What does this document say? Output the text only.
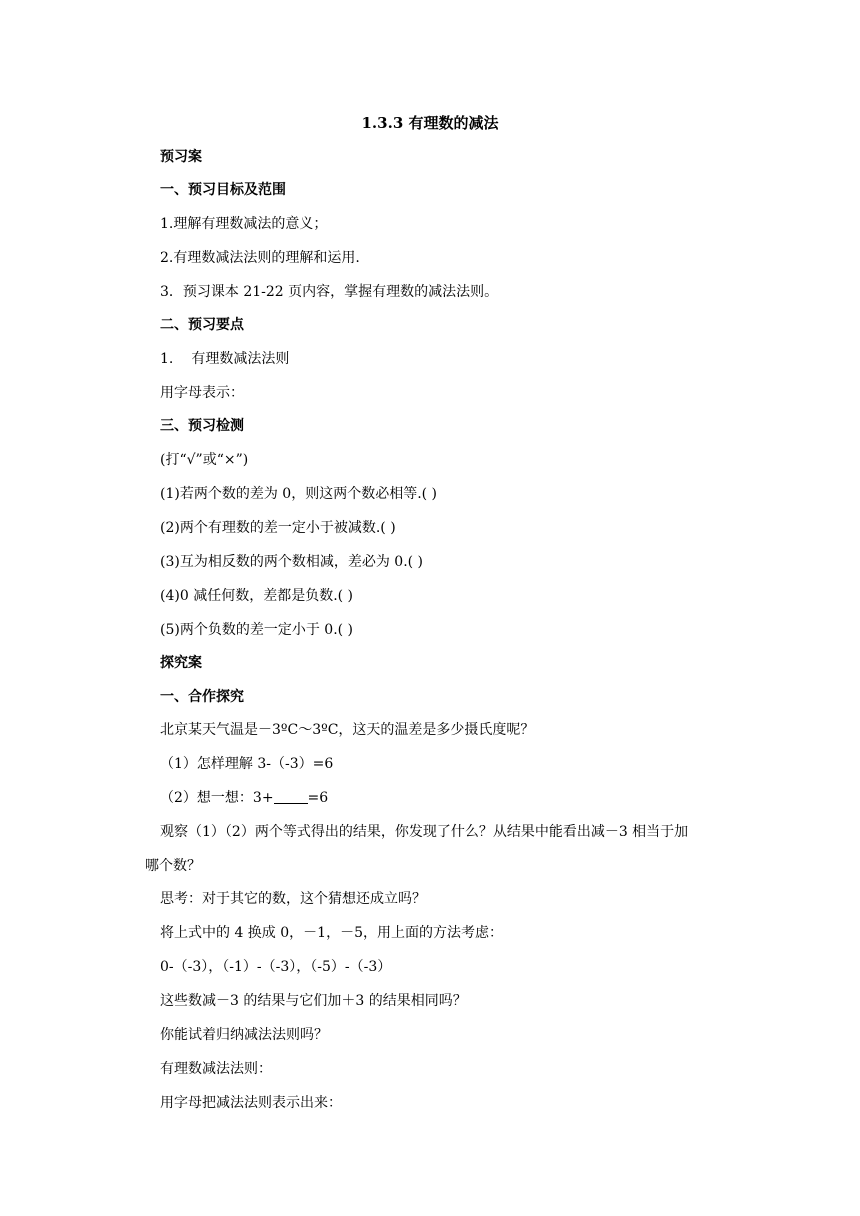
1.3.3 有理数的减法
预习案
一、预习目标及范围
1.理解有理数减法的意义；
2.有理数减法法则的理解和运用.
3．预习课本 21-22 页内容，掌握有理数的减法法则。
二、预习要点
1. 有理数减法法则
用字母表示：
三、预习检测
(打“√”或“×”)
(1)若两个数的差为 0，则这两个数必相等.( )
(2)两个有理数的差一定小于被减数.( )
(3)互为相反数的两个数相减，差必为 0.( )
(4)0 减任何数，差都是负数.( )
(5)两个负数的差一定小于 0.( )
探究案
一、合作探究
北京某天气温是－3ºC～3ºC，这天的温差是多少摄氏度呢？
（1）怎样理解 3-（-3）=6
（2）想一想：3+ =6
观察（1）（2）两个等式得出的结果，你发现了什么？从结果中能看出减－3 相当于加
哪个数？
思考：对于其它的数，这个猜想还成立吗？
将上式中的 4 换成 0，－1，－5，用上面的方法考虑：
0-（-3），（-1）-（-3），（-5）-（-3）
这些数减－3 的结果与它们加＋3 的结果相同吗？
你能试着归纳减法法则吗？
有理数减法法则：
用字母把减法法则表示出来：
